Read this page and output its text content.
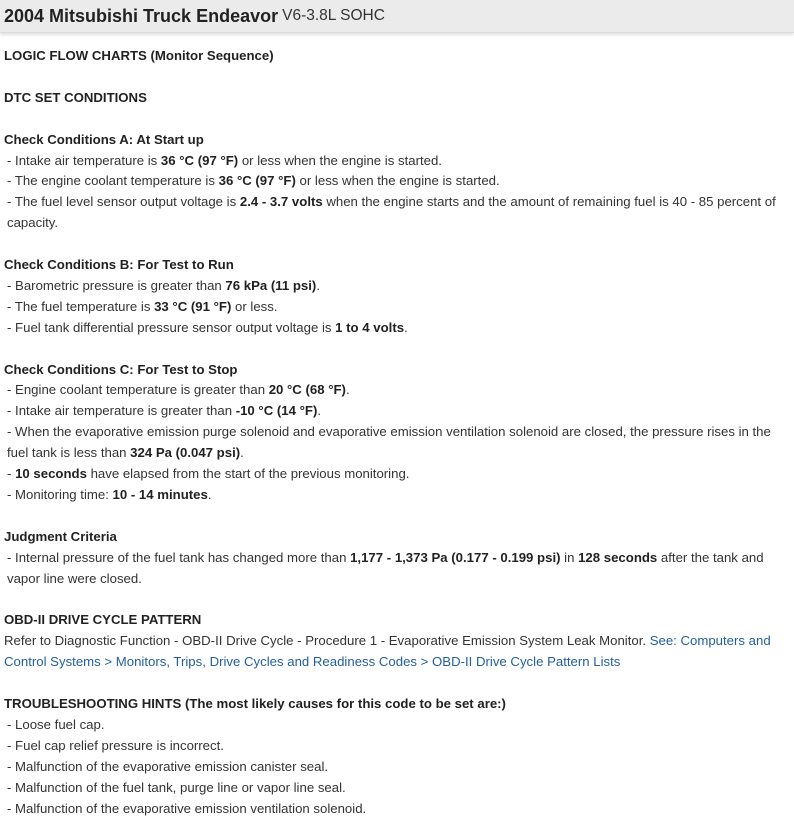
2004 Mitsubishi Truck Endeavor V6-3.8L SOHC

LOGIC FLOW CHARTS (Monitor Sequence)

DTC SET CONDITIONS

Check Conditions A: At Start up

- Intake air temperature is 36 °C (97 °F) or less when the engine is started.

- The engine coolant temperature is 36 °C (97 °F) or less when the engine is started.

- The fuel level sensor output voltage is 2.4 - 3.7 volts when the engine starts and the amount of remaining fuel is 40 - 85 percent of capacity.

Check Conditions B: For Test to Run

- Barometric pressure is greater than 76 kPa (11 psi).

- The fuel temperature is 33 °C (91 °F) or less.

- Fuel tank differential pressure sensor output voltage is 1 to 4 volts.

Check Conditions C: For Test to Stop

- Engine coolant temperature is greater than 20 °C (68 °F).

- Intake air temperature is greater than -10 °C (14 °F).

- When the evaporative emission purge solenoid and evaporative emission ventilation solenoid are closed, the pressure rises in the fuel tank is less than 324 Pa (0.047 psi).

- 10 seconds have elapsed from the start of the previous monitoring.

- Monitoring time: 10 - 14 minutes.

Judgment Criteria

- Internal pressure of the fuel tank has changed more than 1,177 - 1,373 Pa (0.177 - 0.199 psi) in 128 seconds after the tank and vapor line were closed.

OBD-II DRIVE CYCLE PATTERN

Refer to Diagnostic Function - OBD-II Drive Cycle - Procedure 1 - Evaporative Emission System Leak Monitor. See: Computers and Control Systems > Monitors, Trips, Drive Cycles and Readiness Codes > OBD-II Drive Cycle Pattern Lists

TROUBLESHOOTING HINTS (The most likely causes for this code to be set are:)

- Loose fuel cap.

- Fuel cap relief pressure is incorrect.

- Malfunction of the evaporative emission canister seal.

- Malfunction of the fuel tank, purge line or vapor line seal.

- Malfunction of the evaporative emission ventilation solenoid.
